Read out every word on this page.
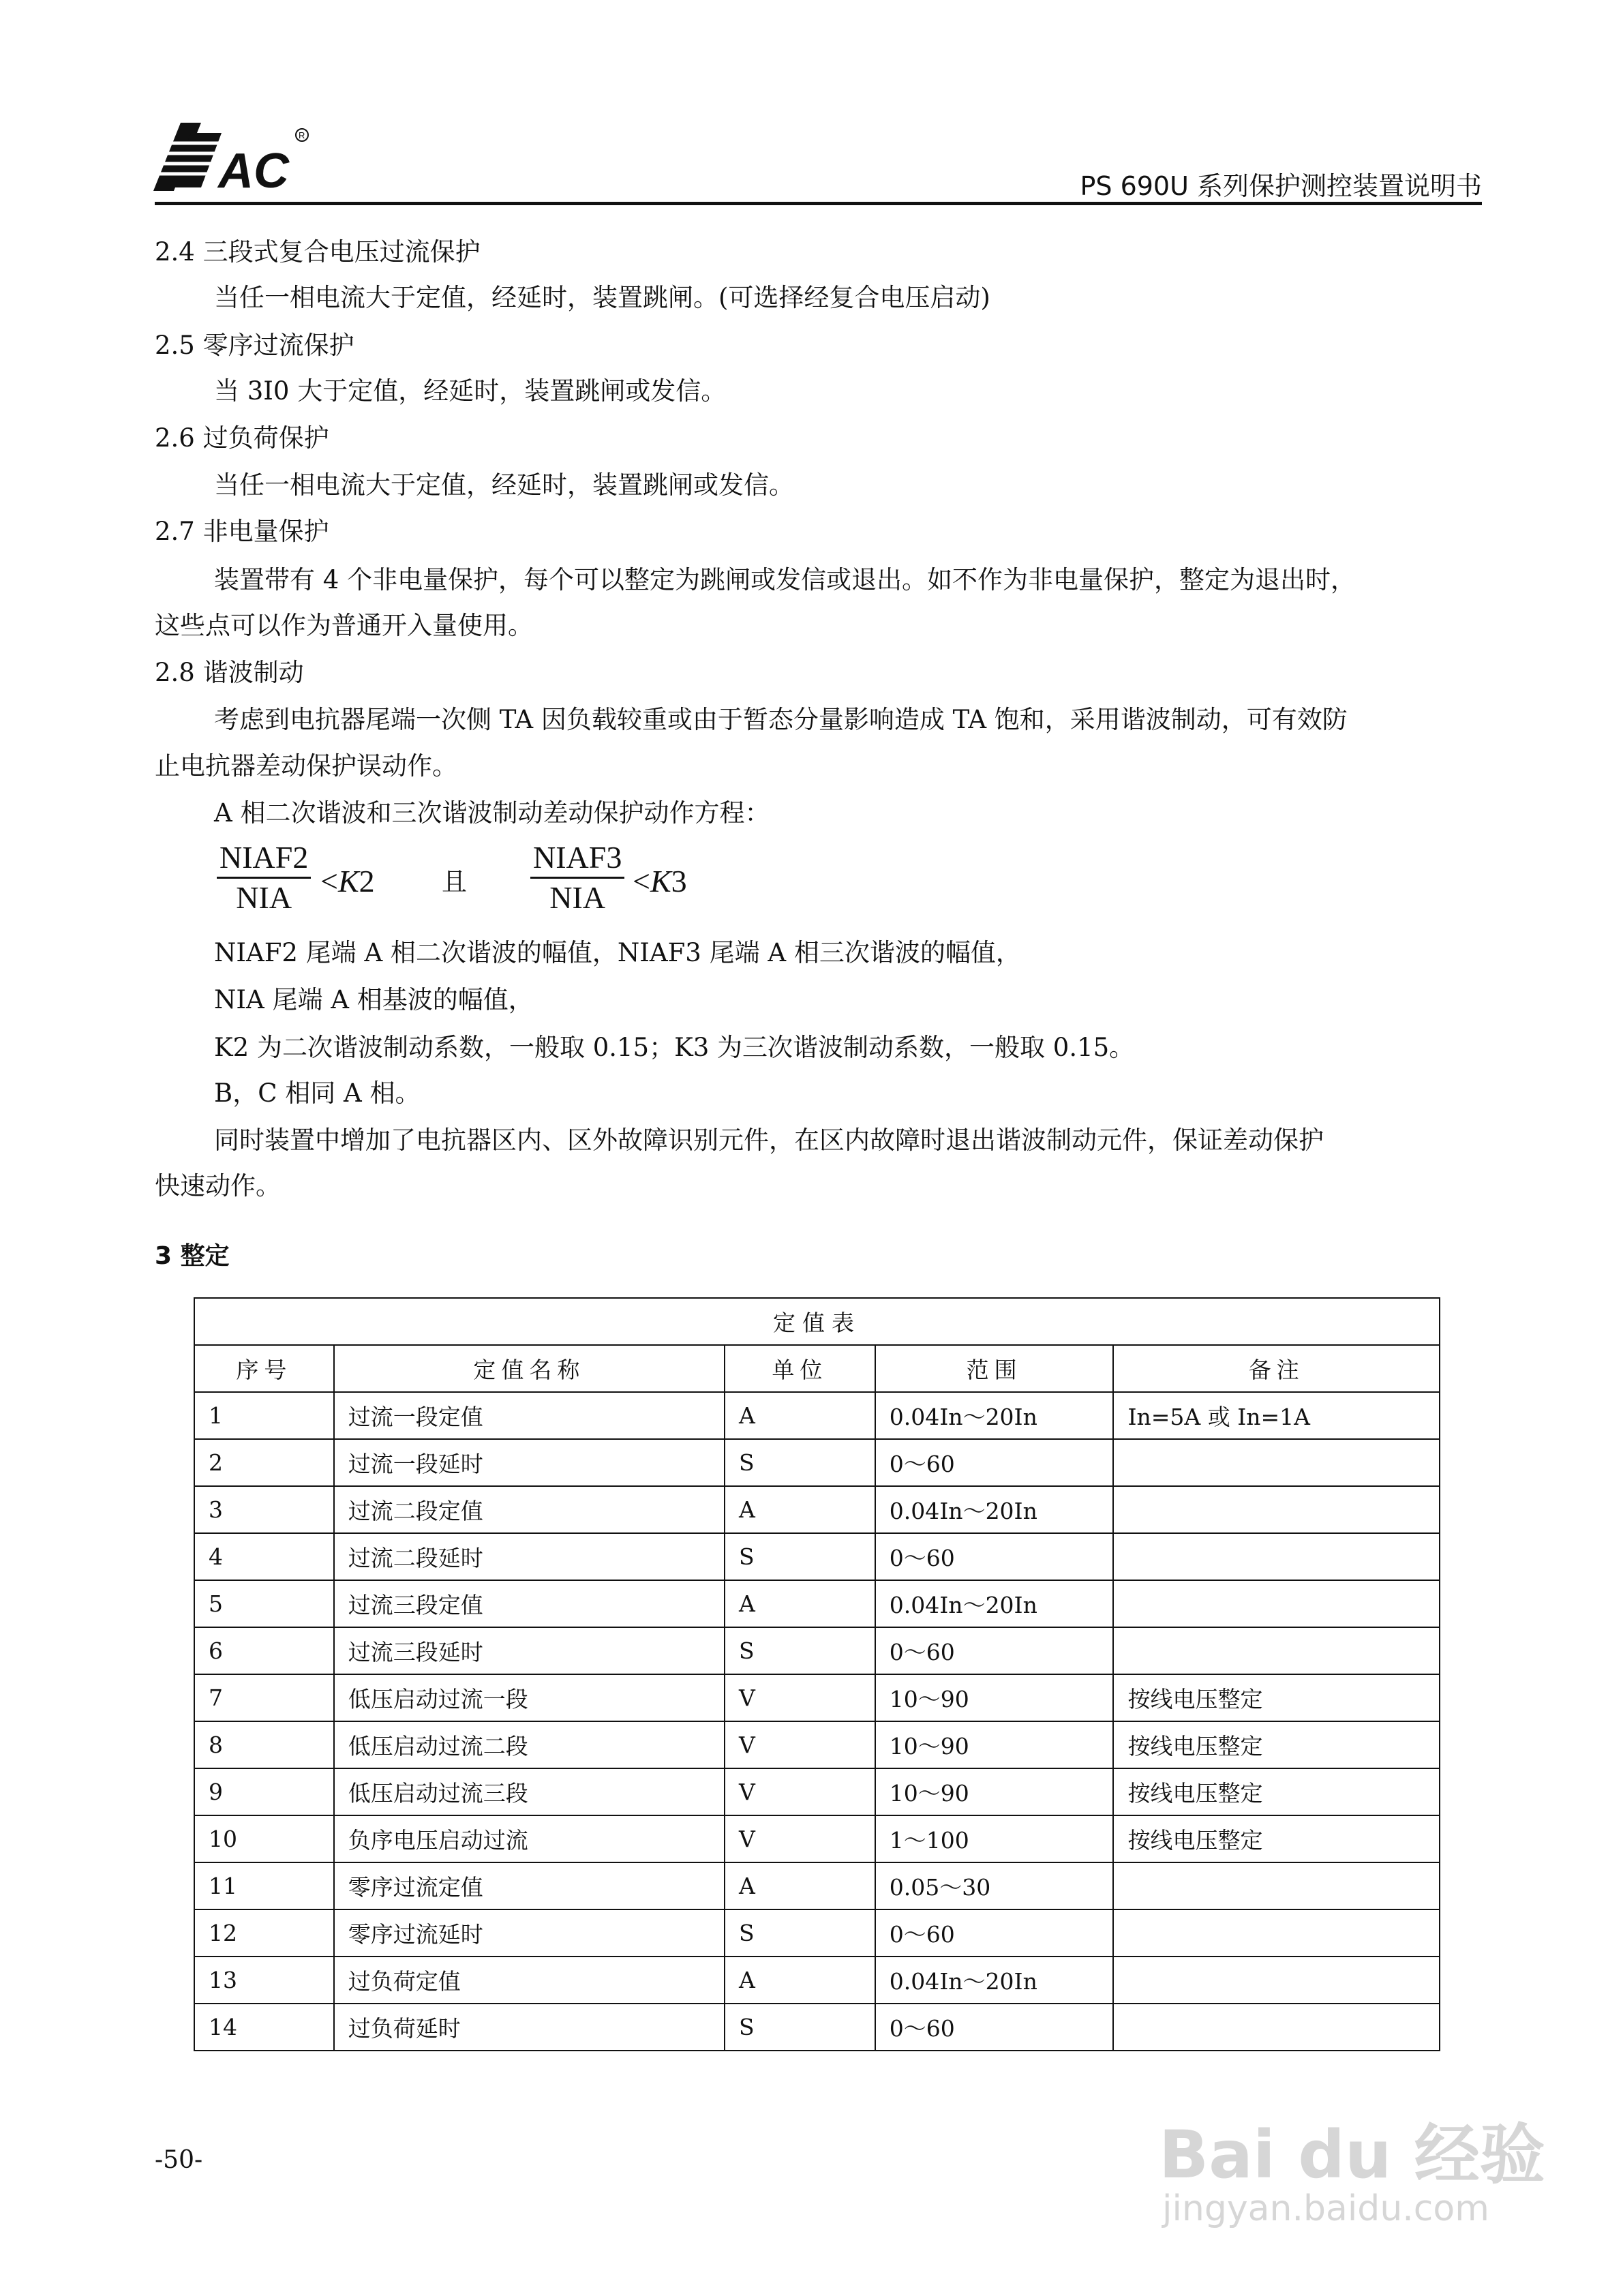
AC
R
PS 690U 系列保护测控装置说明书
2.4 三段式复合电压过流保护
当任一相电流大于定值，经延时，装置跳闸。(可选择经复合电压启动)
2.5 零序过流保护
当 3I0 大于定值，经延时，装置跳闸或发信。
2.6 过负荷保护
当任一相电流大于定值，经延时，装置跳闸或发信。
2.7 非电量保护
装置带有 4 个非电量保护，每个可以整定为跳闸或发信或退出。如不作为非电量保护，整定为退出时，
这些点可以作为普通开入量使用。
2.8 谐波制动
考虑到电抗器尾端一次侧 TA 因负载较重或由于暂态分量影响造成 TA 饱和，采用谐波制动，可有效防
止电抗器差动保护误动作。
A 相二次谐波和三次谐波制动差动保护动作方程：
NIAF2
NIA <K2	且
NIAF3
NIA <K3
NIAF2 尾端 A 相二次谐波的幅值，NIAF3 尾端 A 相三次谐波的幅值，
NIA 尾端 A 相基波的幅值，
K2 为二次谐波制动系数，一般取 0.15；K3 为三次谐波制动系数，一般取 0.15。
B，C 相同 A 相。
同时装置中增加了电抗器区内、区外故障识别元件，在区内故障时退出谐波制动元件，保证差动保护
快速动作。
3 整定
定值表				
序号	定值名称	单位	范围	备注
1	过流一段定值	A	0.04In～20In	In=5A 或 In=1A
2	过流一段延时	S	0～60	
3	过流二段定值	A	0.04In～20In	
4	过流二段延时	S	0～60	
5	过流三段定值	A	0.04In～20In	
6	过流三段延时	S	0～60	
7	低压启动过流一段	V	10～90	按线电压整定
8	低压启动过流二段	V	10～90	按线电压整定
9	低压启动过流三段	V	10～90	按线电压整定
10	负序电压启动过流	V	1～100	按线电压整定
11	零序过流定值	A	0.05～30	
12	零序过流延时	S	0～60	
13	过负荷定值	A	0.04In～20In	
14	过负荷延时	S	0～60	
-50-	Bai du 经验
jingyan.baidu.com
